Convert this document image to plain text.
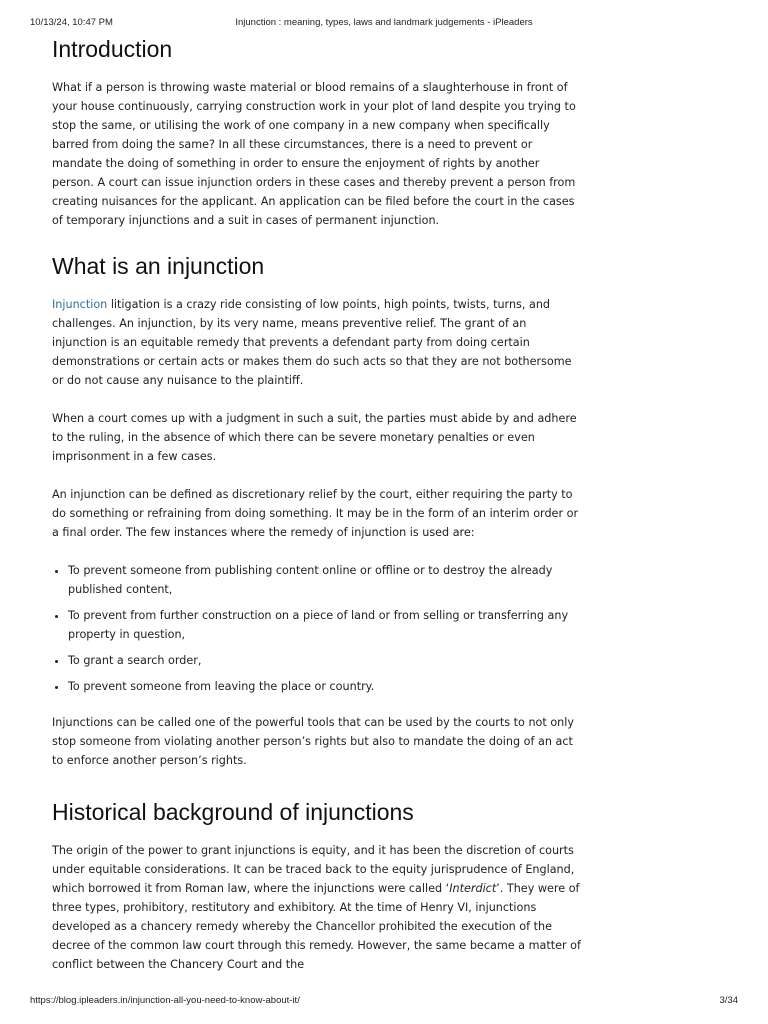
10/13/24, 10:47 PM	Injunction : meaning, types, laws and landmark judgements - iPleaders
Introduction

What if a person is throwing waste material or blood remains of a slaughterhouse in front of your house continuously, carrying construction work in your plot of land despite you trying to stop the same, or utilising the work of one company in a new company when specifically barred from doing the same? In all these circumstances, there is a need to prevent or mandate the doing of something in order to ensure the enjoyment of rights by another person. A court can issue injunction orders in these cases and thereby prevent a person from creating nuisances for the applicant. An application can be filed before the court in the cases of temporary injunctions and a suit in cases of permanent injunction.

What is an injunction

Injunction litigation is a crazy ride consisting of low points, high points, twists, turns, and challenges. An injunction, by its very name, means preventive relief. The grant of an injunction is an equitable remedy that prevents a defendant party from doing certain demonstrations or certain acts or makes them do such acts so that they are not bothersome or do not cause any nuisance to the plaintiff.

When a court comes up with a judgment in such a suit, the parties must abide by and adhere to the ruling, in the absence of which there can be severe monetary penalties or even imprisonment in a few cases.

An injunction can be defined as discretionary relief by the court, either requiring the party to do something or refraining from doing something. It may be in the form of an interim order or a final order. The few instances where the remedy of injunction is used are:

• To prevent someone from publishing content online or offline or to destroy the already published content,
• To prevent from further construction on a piece of land or from selling or transferring any property in question,
• To grant a search order,
• To prevent someone from leaving the place or country.

Injunctions can be called one of the powerful tools that can be used by the courts to not only stop someone from violating another person’s rights but also to mandate the doing of an act to enforce another person’s rights.

Historical background of injunctions

The origin of the power to grant injunctions is equity, and it has been the discretion of courts under equitable considerations. It can be traced back to the equity jurisprudence of England, which borrowed it from Roman law, where the injunctions were called ‘Interdict’. They were of three types, prohibitory, restitutory and exhibitory. At the time of Henry VI, injunctions developed as a chancery remedy whereby the Chancellor prohibited the execution of the decree of the common law court through this remedy. However, the same became a matter of conflict between the Chancery Court and the

https://blog.ipleaders.in/injunction-all-you-need-to-know-about-it/	3/34
